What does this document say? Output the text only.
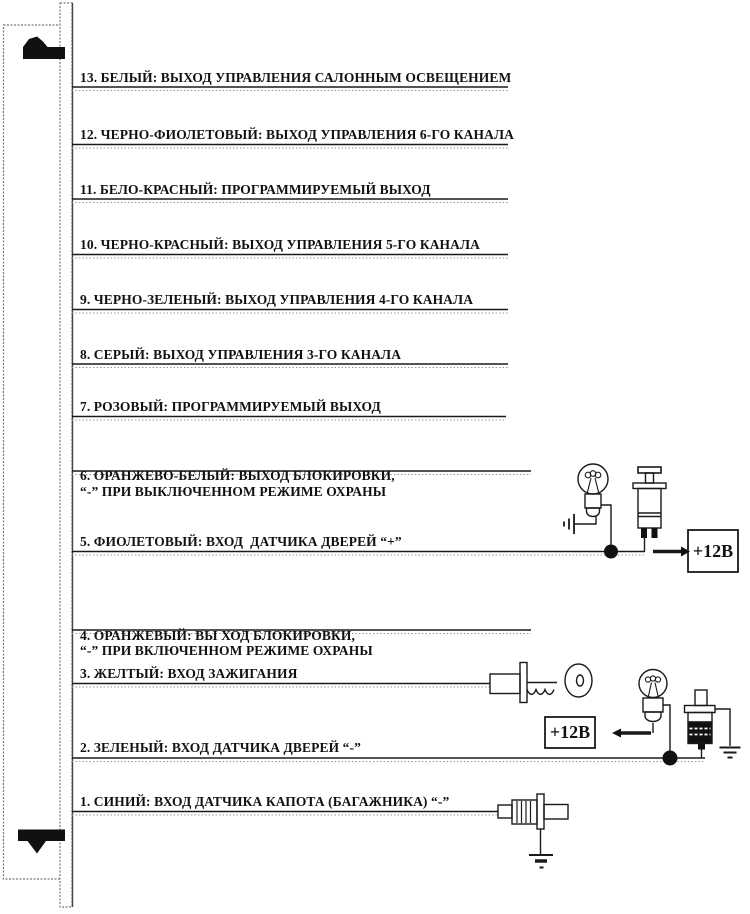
13. БЕЛЫЙ: ВЫХОД УПРАВЛЕНИЯ САЛОННЫМ ОСВЕЩЕНИЕМ
12. ЧЕРНО-ФИОЛЕТОВЫЙ: ВЫХОД УПРАВЛЕНИЯ 6-ГО КАНАЛА
11. БЕЛО-КРАСНЫЙ: ПРОГРАММИРУЕМЫЙ ВЫХОД
10. ЧЕРНО-КРАСНЫЙ: ВЫХОД УПРАВЛЕНИЯ 5-ГО КАНАЛА
9. ЧЕРНО-ЗЕЛЕНЫЙ: ВЫХОД УПРАВЛЕНИЯ 4-ГО КАНАЛА
8. СЕРЫЙ: ВЫХОД УПРАВЛЕНИЯ 3-ГО КАНАЛА
7. РОЗОВЫЙ: ПРОГРАММИРУЕМЫЙ ВЫХОД

6. ОРАНЖЕВО-БЕЛЫЙ: ВЫХОД БЛОКИРОВКИ,
“-” ПРИ ВЫКЛЮЧЕННОМ РЕЖИМЕ ОХРАНЫ

5. ФИОЛЕТОВЫЙ: ВХОД  ДАТЧИКА ДВЕРЕЙ “+”

4. ОРАНЖЕВЫЙ: ВЫ ХОД БЛОКИРОВКИ,
“-” ПРИ ВКЛЮЧЕННОМ РЕЖИМЕ ОХРАНЫ

3. ЖЕЛТЫЙ: ВХОД ЗАЖИГАНИЯ
2. ЗЕЛЕНЫЙ: ВХОД ДАТЧИКА ДВЕРЕЙ “-”
1. СИНИЙ: ВХОД ДАТЧИКА КАПОТА (БАГАЖНИКА) “-”
+12В
+12В
